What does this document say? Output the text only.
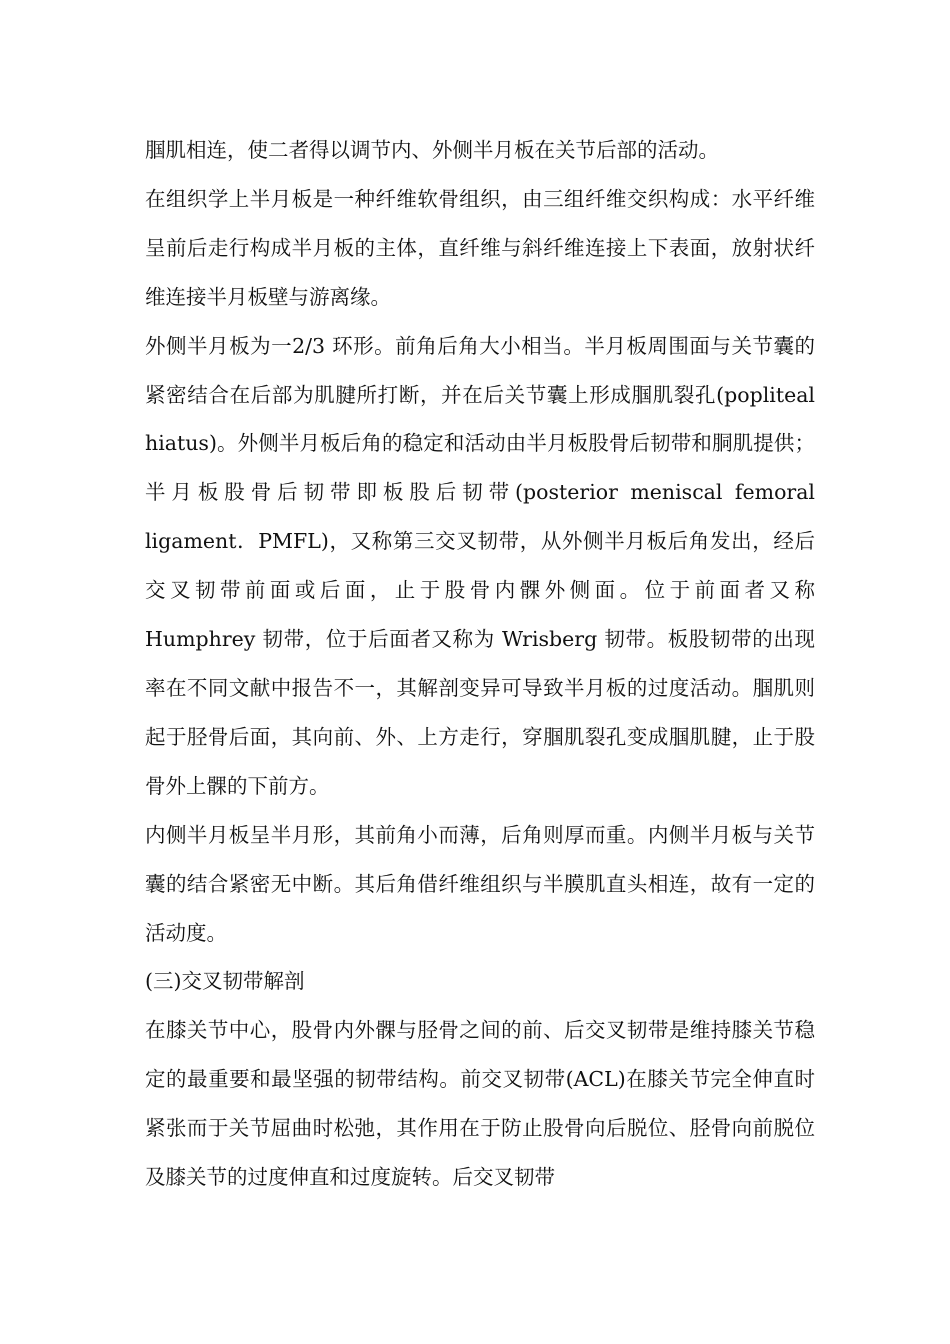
腘肌相连，使二者得以调节内、外侧半月板在关节后部的活动。

在组织学上半月板是一种纤维软骨组织，由三组纤维交织构成：水平纤维呈前后走行构成半月板的主体，直纤维与斜纤维连接上下表面，放射状纤维连接半月板壁与游离缘。

外侧半月板为一2/3 环形。前角后角大小相当。半月板周围面与关节囊的紧密结合在后部为肌腱所打断，并在后关节囊上形成腘肌裂孔(popliteal hiatus)。外侧半月板后角的稳定和活动由半月板股骨后韧带和胴肌提供；半月板股骨后韧带即板股后韧带(posterior meniscal femoral ligament．PMFL)，又称第三交叉韧带，从外侧半月板后角发出，经后交叉韧带前面或后面，止于股骨内髁外侧面。位于前面者又称 Humphrey 韧带，位于后面者又称为 Wrisberg 韧带。板股韧带的出现率在不同文献中报告不一，其解剖变异可导致半月板的过度活动。腘肌则起于胫骨后面，其向前、外、上方走行，穿腘肌裂孔变成腘肌腱，止于股骨外上髁的下前方。

内侧半月板呈半月形，其前角小而薄，后角则厚而重。内侧半月板与关节囊的结合紧密无中断。其后角借纤维组织与半膜肌直头相连，故有一定的活动度。

(三)交叉韧带解剖

在膝关节中心，股骨内外髁与胫骨之间的前、后交叉韧带是维持膝关节稳定的最重要和最坚强的韧带结构。前交叉韧带(ACL)在膝关节完全伸直时紧张而于关节屈曲时松弛，其作用在于防止股骨向后脱位、胫骨向前脱位及膝关节的过度伸直和过度旋转。后交叉韧带
